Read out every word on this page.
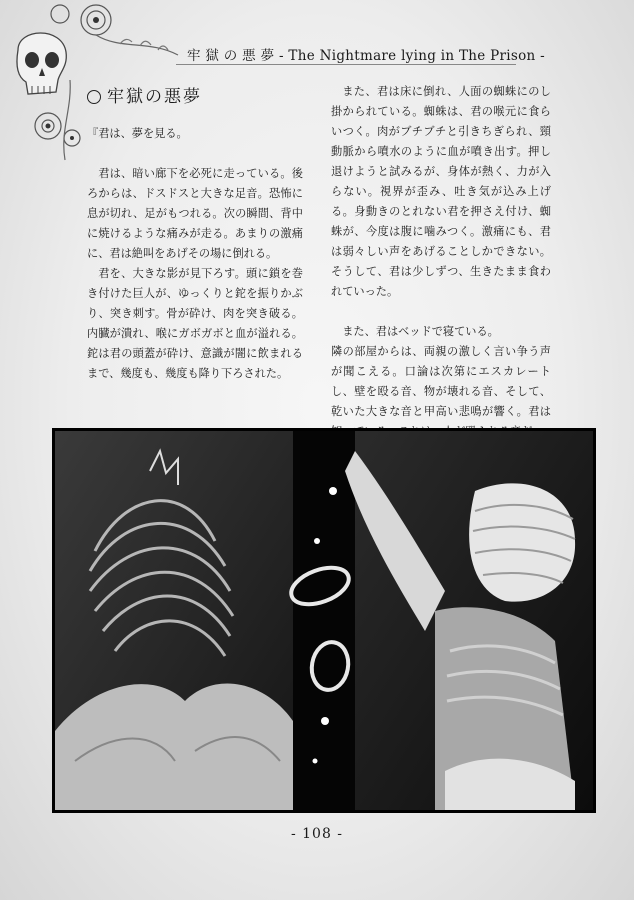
牢 獄 の 悪 夢 - The Nightmare lying in The Prison -
牢獄の悪夢

『君は、夢を見る。

君は、暗い廊下を必死に走っている。後ろからは、ドスドスと大きな足音。恐怖に息が切れ、足がもつれる。次の瞬間、背中に焼けるような痛みが走る。あまりの激痛に、君は絶叫をあげその場に倒れる。

君を、大きな影が見下ろす。頭に鎖を巻き付けた巨人が、ゆっくりと鉈を振りかぶり、突き刺す。骨が砕け、肉を突き破る。内臓が潰れ、喉にガボガボと血が溢れる。鉈は君の頭蓋が砕け、意識が闇に飲まれるまで、幾度も、幾度も降り下ろされた。

また、君は床に倒れ、人面の蜘蛛にのし掛かられている。蜘蛛は、君の喉元に食らいつく。肉がブチブチと引きちぎられ、頸動脈から噴水のように血が噴き出す。押し退けようと試みるが、身体が熱く、力が入らない。視界が歪み、吐き気が込み上げる。身動きのとれない君を押さえ付け、蜘蛛が、今度は腹に噛みつく。激痛にも、君は弱々しい声をあげることしかできない。そうして、君は少しずつ、生きたまま食われていった。

また、君はベッドで寝ている。

隣の部屋からは、両親の激しく言い争う声が聞こえる。口論は次第にエスカレートし、壁を殴る音、物が壊れる音、そして、乾いた大きな音と甲高い悲鳴が響く。君は

- 108 -
